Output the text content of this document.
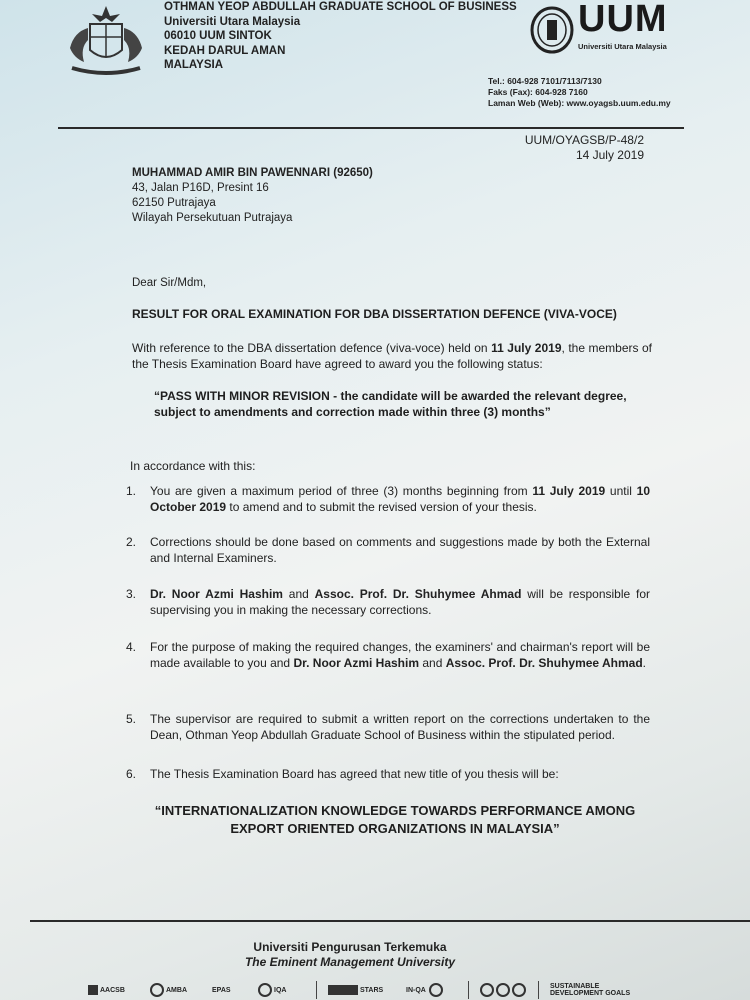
OTHMAN YEOP ABDULLAH GRADUATE SCHOOL OF BUSINESS
Universiti Utara Malaysia
06010 UUM SINTOK
KEDAH DARUL AMAN
MALAYSIA
UUM
Universiti Utara Malaysia
Tel.: 604-928 7101/7113/7130
Faks (Fax): 604-928 7160
Laman Web (Web): www.oyagsb.uum.edu.my
UUM/OYAGSB/P-48/2
14 July 2019
MUHAMMAD AMIR BIN PAWENNARI (92650)
43, Jalan P16D, Presint 16
62150 Putrajaya
Wilayah Persekutuan Putrajaya
Dear Sir/Mdm,
RESULT FOR ORAL EXAMINATION FOR DBA DISSERTATION DEFENCE (VIVA-VOCE)
With reference to the DBA dissertation defence (viva-voce) held on 11 July 2019, the members of the Thesis Examination Board have agreed to award you the following status:
“PASS WITH MINOR REVISION - the candidate will be awarded the relevant degree, subject to amendments and correction made within three (3) months”
In accordance with this:
1. You are given a maximum period of three (3) months beginning from 11 July 2019 until 10 October 2019 to amend and to submit the revised version of your thesis.
2. Corrections should be done based on comments and suggestions made by both the External and Internal Examiners.
3. Dr. Noor Azmi Hashim and Assoc. Prof. Dr. Shuhymee Ahmad will be responsible for supervising you in making the necessary corrections.
4. For the purpose of making the required changes, the examiners' and chairman's report will be made available to you and Dr. Noor Azmi Hashim and Assoc. Prof. Dr. Shuhymee Ahmad.
5. The supervisor are required to submit a written report on the corrections undertaken to the Dean, Othman Yeop Abdullah Graduate School of Business within the stipulated period.
6. The Thesis Examination Board has agreed that new title of you thesis will be:
“INTERNATIONALIZATION KNOWLEDGE TOWARDS PERFORMANCE AMONG EXPORT ORIENTED ORGANIZATIONS IN MALAYSIA”
Universiti Pengurusan Terkemuka
The Eminent Management University
AACSB	AMBA	EPAS	IQA	STARS	IN-QA	SUSTAINABLE DEVELOPMENT GOALS
